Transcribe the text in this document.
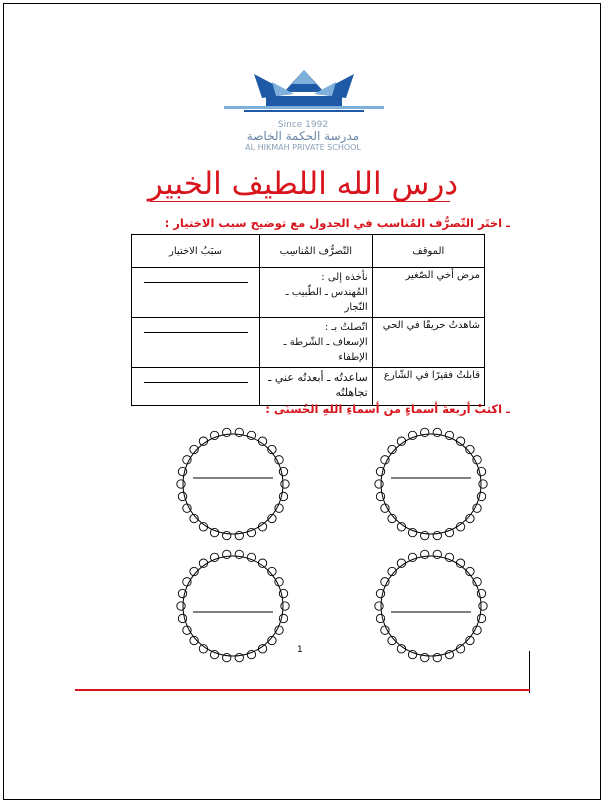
Since 1992
مدرسة الحكمة الخاصة
AL HIKMAH PRIVATE SCHOOL
درس الله اللطيف الخبير
ـ اختَر التّصرُّف المُناسب في الجدول مع توضيح سبب الاختيار :
الموقف	التّصرُّف المُناسِب	سبَبُ الاختيار
مرض أخي الصّغير	نأخذه إلى :
المُهندس ـ الطّبيب ـ النّجار	

شاهدتُ حريقًا في الحي	اتّصلتُ بـ :
الإسعاف ـ الشّرطة ـ الإطفاء	

قابلتُ فقيرًا في الشّارع	ساعدتُه ـ أبعدتُه عني ـ
تجاهلتُه	

ـ اكتبْ أربعةَ أسماءٍ من أسماءِ اللهِ الحُسنَى :
1
